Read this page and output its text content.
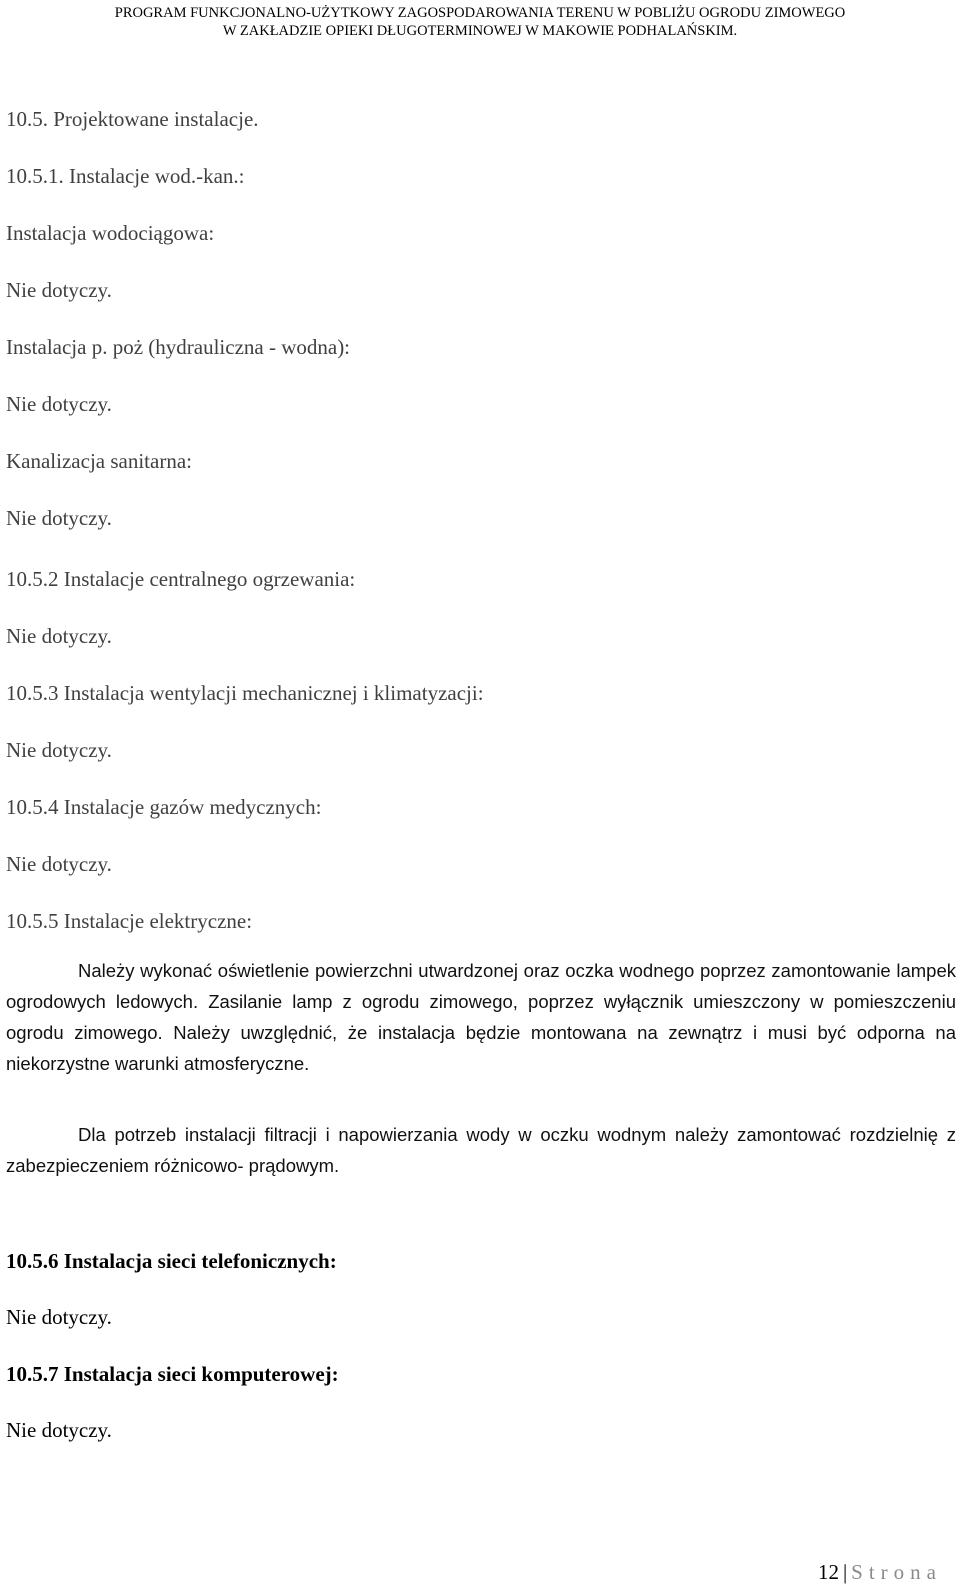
PROGRAM FUNKCJONALNO-UŻYTKOWY ZAGOSPODAROWANIA TERENU W POBLIŻU OGRODU ZIMOWEGO
W ZAKŁADZIE OPIEKI DŁUGOTERMINOWEJ W MAKOWIE PODHALAŃSKIM.
10.5. Projektowane instalacje.
10.5.1. Instalacje wod.-kan.:
Instalacja wodociągowa:
Nie dotyczy.
Instalacja p. poż (hydrauliczna - wodna):
Nie dotyczy.
Kanalizacja sanitarna:
Nie dotyczy.
10.5.2 Instalacje centralnego ogrzewania:
Nie dotyczy.
10.5.3 Instalacja wentylacji mechanicznej i klimatyzacji:
Nie dotyczy.
10.5.4 Instalacje gazów medycznych:
Nie dotyczy.
10.5.5 Instalacje elektryczne:
Należy wykonać oświetlenie powierzchni utwardzonej oraz oczka wodnego poprzez zamontowanie lampek ogrodowych ledowych. Zasilanie lamp z ogrodu zimowego, poprzez wyłącznik umieszczony w pomieszczeniu ogrodu zimowego. Należy uwzględnić, że instalacja będzie montowana na zewnątrz i musi być odporna na niekorzystne warunki atmosferyczne.
Dla potrzeb instalacji filtracji i napowierzania wody w oczku wodnym należy zamontować rozdzielnię z zabezpieczeniem różnicowo- prądowym.
10.5.6 Instalacja sieci telefonicznych:
Nie dotyczy.
10.5.7 Instalacja sieci komputerowej:
Nie dotyczy.
12 | Strona
